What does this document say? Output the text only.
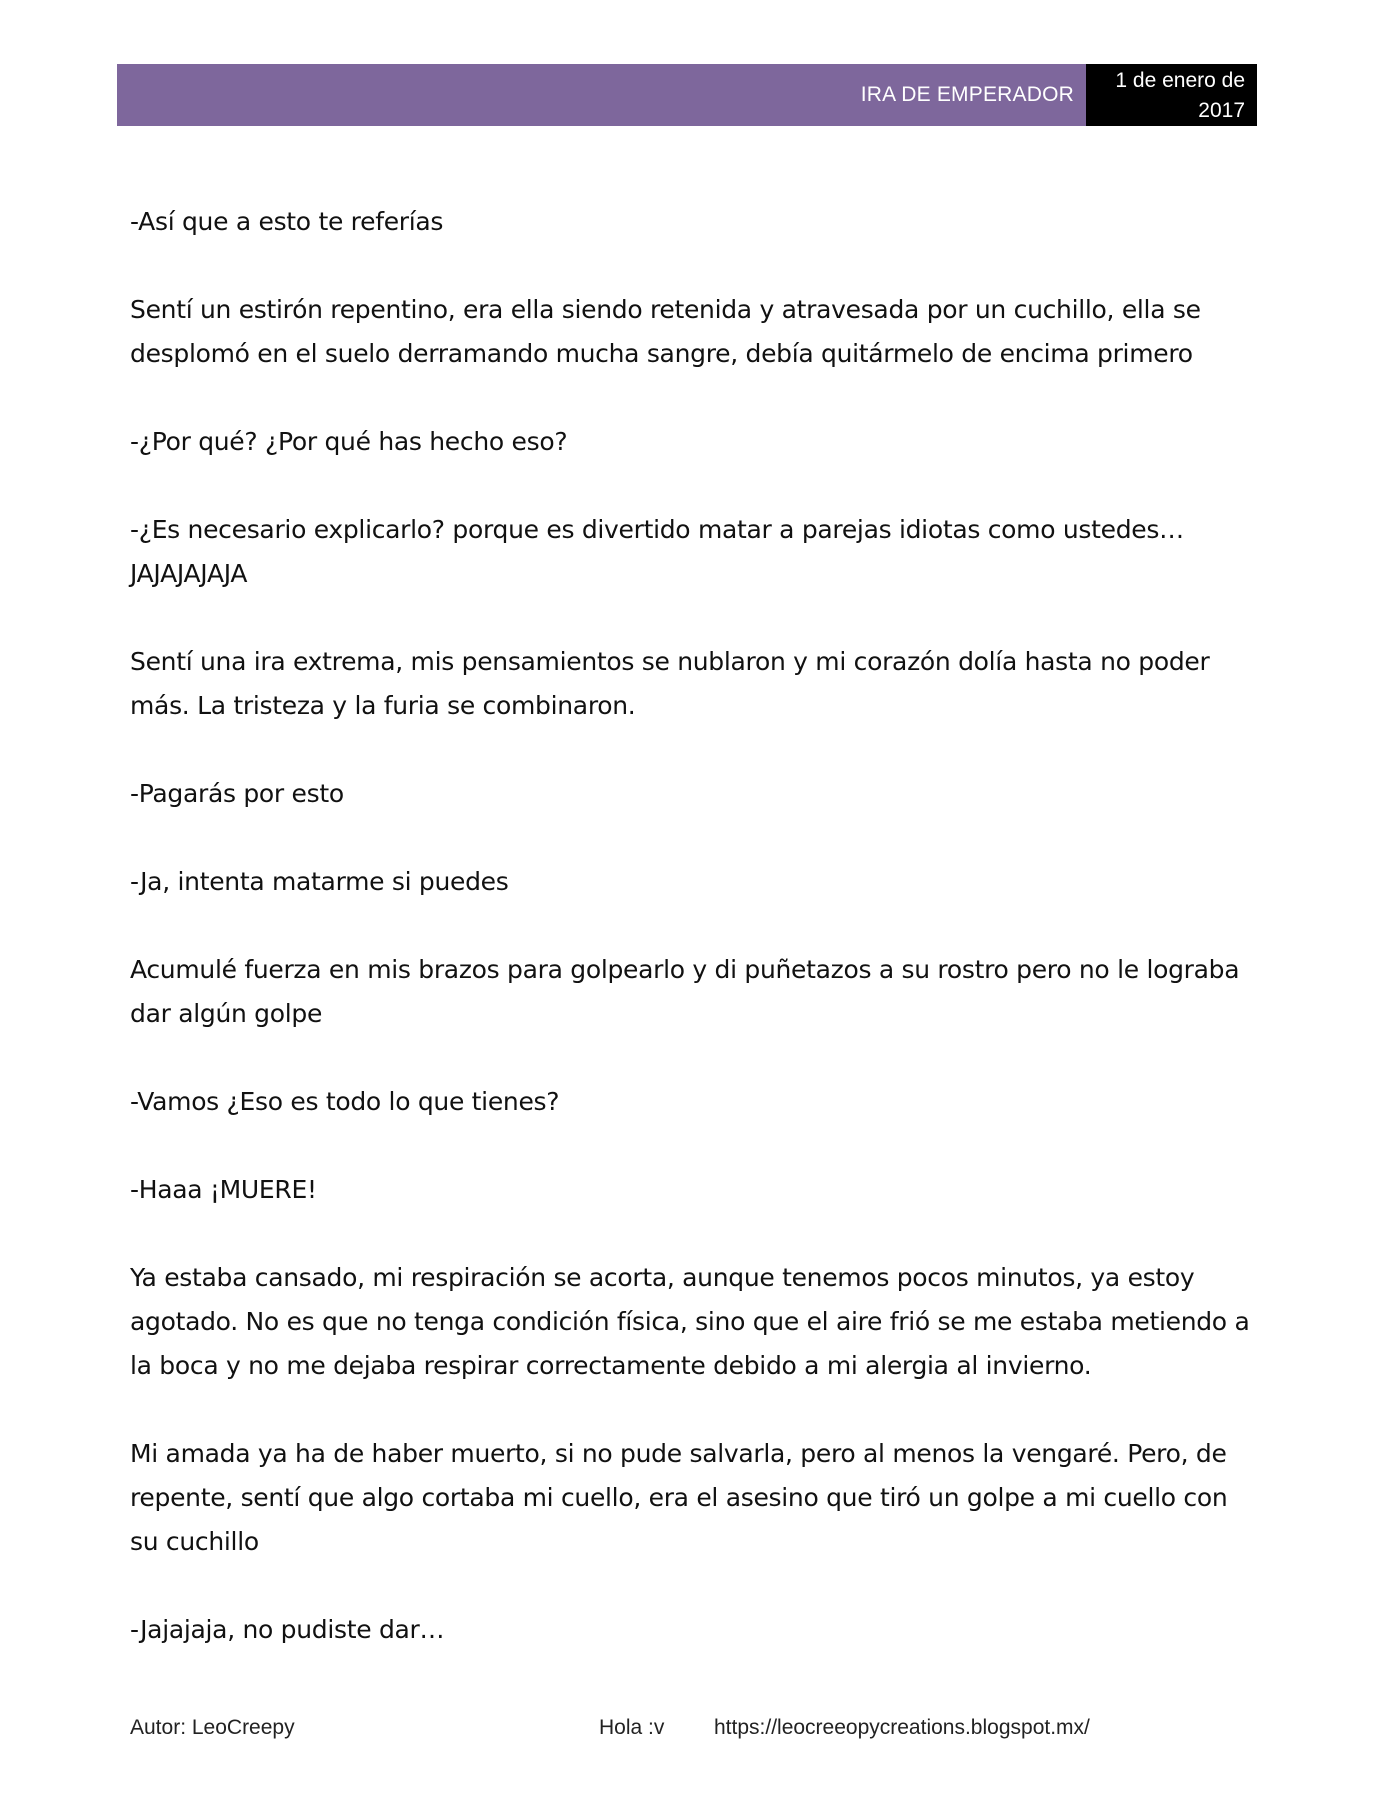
IRA DE EMPERADOR
1 de enero de
2017

-Así que a esto te referías

Sentí un estirón repentino, era ella siendo retenida y atravesada por un cuchillo, ella se desplomó en el suelo derramando mucha sangre, debía quitármelo de encima primero

-¿Por qué? ¿Por qué has hecho eso?

-¿Es necesario explicarlo? porque es divertido matar a parejas idiotas como ustedes… JAJAJAJAJA

Sentí una ira extrema, mis pensamientos se nublaron y mi corazón dolía hasta no poder más. La tristeza y la furia se combinaron.

-Pagarás por esto

-Ja, intenta matarme si puedes

Acumulé fuerza en mis brazos para golpearlo y di puñetazos a su rostro pero no le lograba dar algún golpe

-Vamos ¿Eso es todo lo que tienes?

-Haaa ¡MUERE!

Ya estaba cansado, mi respiración se acorta, aunque tenemos pocos minutos, ya estoy agotado. No es que no tenga condición física, sino que el aire frió se me estaba metiendo a la boca y no me dejaba respirar correctamente debido a mi alergia al invierno.

Mi amada ya ha de haber muerto, si no pude salvarla, pero al menos la vengaré. Pero, de repente, sentí que algo cortaba mi cuello, era el asesino que tiró un golpe a mi cuello con su cuchillo

-Jajajaja, no pudiste dar…

Autor: LeoCreepy	Hola :v https://leocreeopycreations.blogspot.mx/
